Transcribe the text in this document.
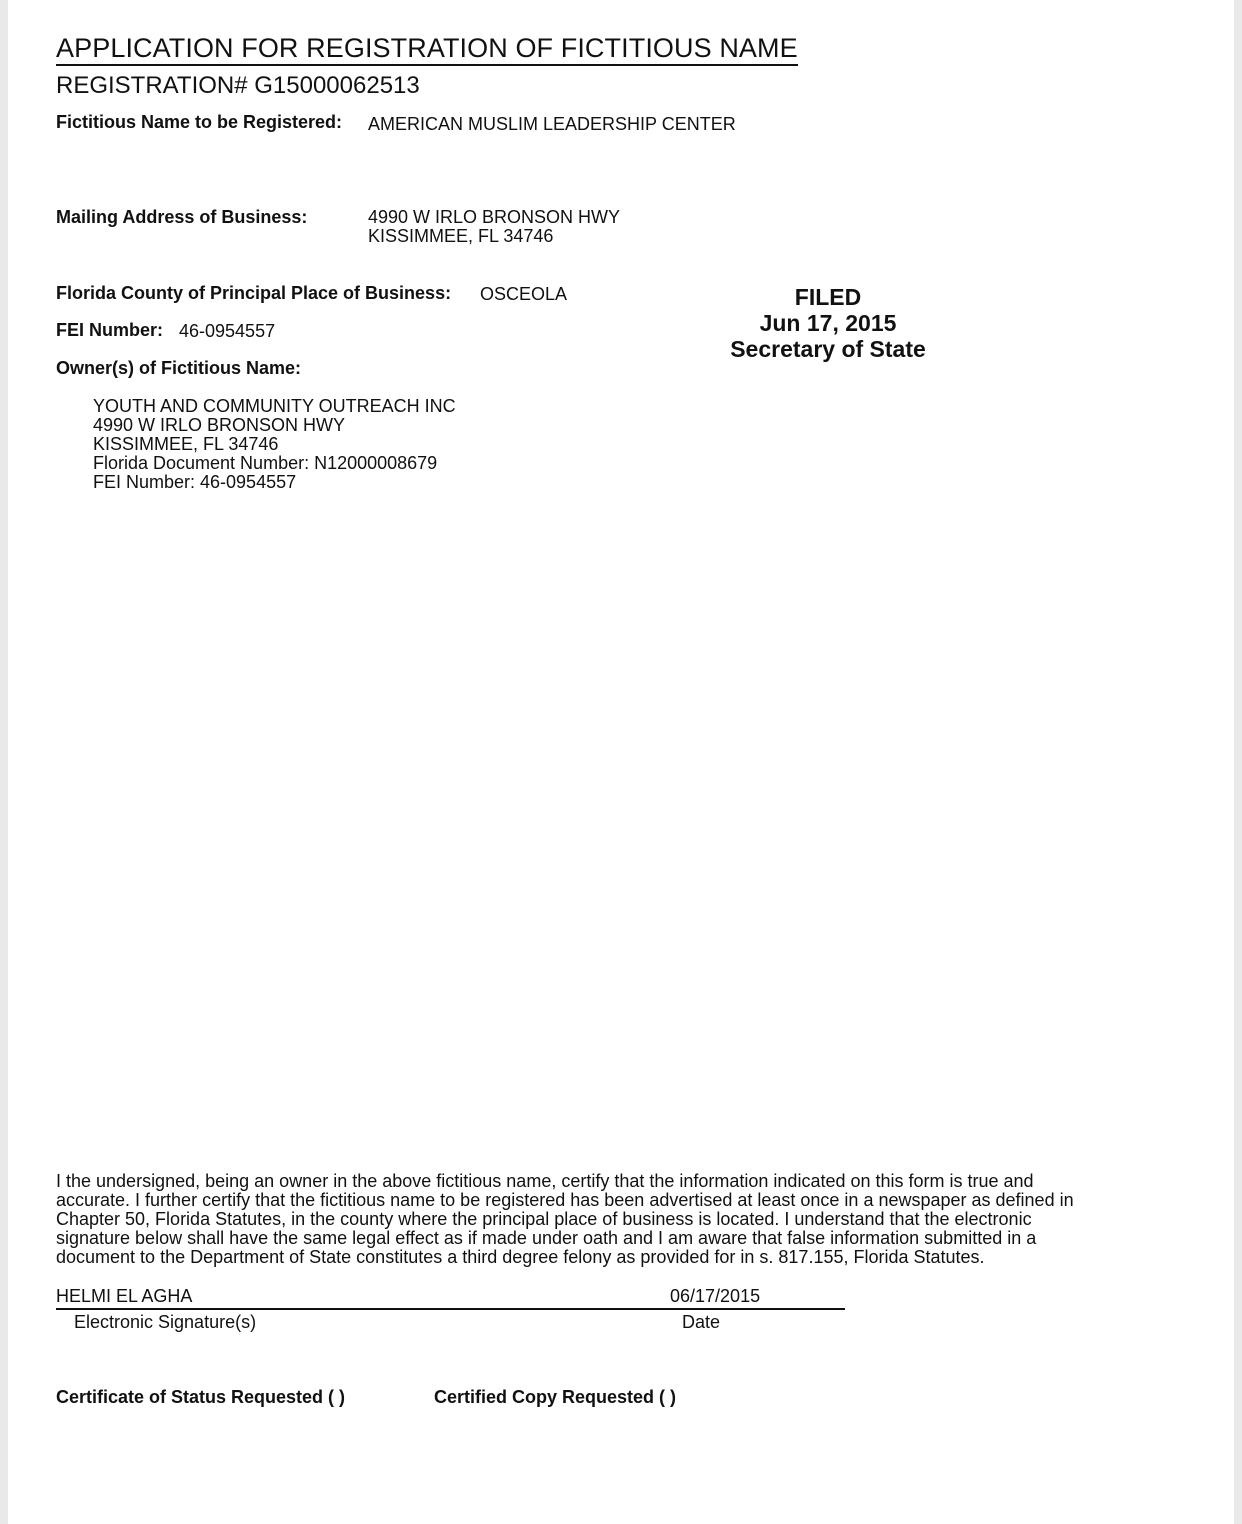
APPLICATION FOR REGISTRATION OF FICTITIOUS NAME
REGISTRATION# G15000062513
Fictitious Name to be Registered: AMERICAN MUSLIM LEADERSHIP CENTER
Mailing Address of Business:	4990 W IRLO BRONSON HWY
KISSIMMEE, FL 34746
Florida County of Principal Place of Business: OSCEOLA
FEI Number: 46-0954557
Owner(s) of Fictitious Name:
YOUTH AND COMMUNITY OUTREACH INC
4990 W IRLO BRONSON HWY
KISSIMMEE, FL 34746
Florida Document Number: N12000008679
FEI Number: 46-0954557
FILED
Jun 17, 2015
Secretary of State
I the undersigned, being an owner in the above fictitious name, certify that the information indicated on this form is true and accurate. I further certify that the fictitious name to be registered has been advertised at least once in a newspaper as defined in Chapter 50, Florida Statutes, in the county where the principal place of business is located. I understand that the electronic signature below shall have the same legal effect as if made under oath and I am aware that false information submitted in a document to the Department of State constitutes a third degree felony as provided for in s. 817.155, Florida Statutes.
HELMI EL AGHA	06/17/2015
Electronic Signature(s)	Date
Certificate of Status Requested ( )	Certified Copy Requested ( )
